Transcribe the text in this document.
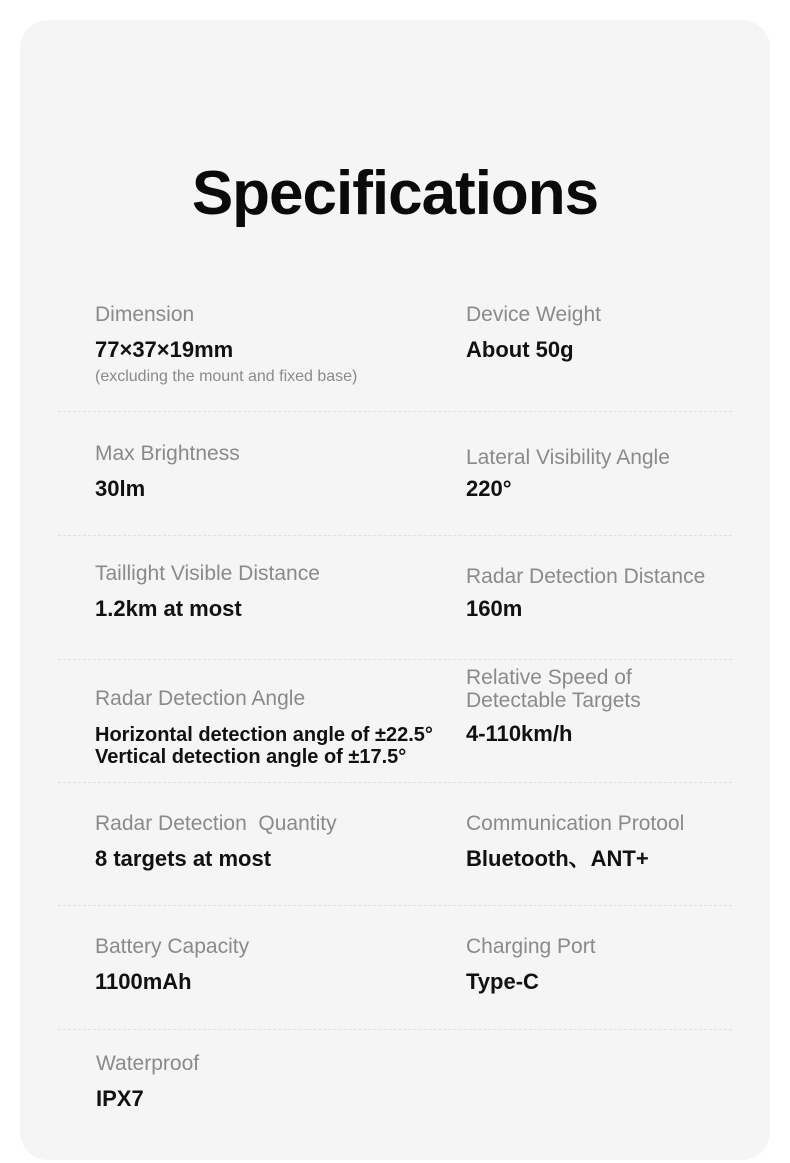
Specifications
Dimension
77×37×19mm
(excluding the mount and fixed base)
Device Weight
About 50g
Max Brightness
30lm
Lateral Visibility Angle
220°
Taillight Visible Distance
1.2km at most
Radar Detection Distance
160m
Radar Detection Angle
Horizontal detection angle of ±22.5°
Vertical detection angle of ±17.5°
Relative Speed of
Detectable Targets
4-110km/h
Radar Detection  Quantity
8 targets at most
Communication Protool
Bluetooth、ANT+
Battery Capacity
1100mAh
Charging Port
Type-C
Waterproof
IPX7
